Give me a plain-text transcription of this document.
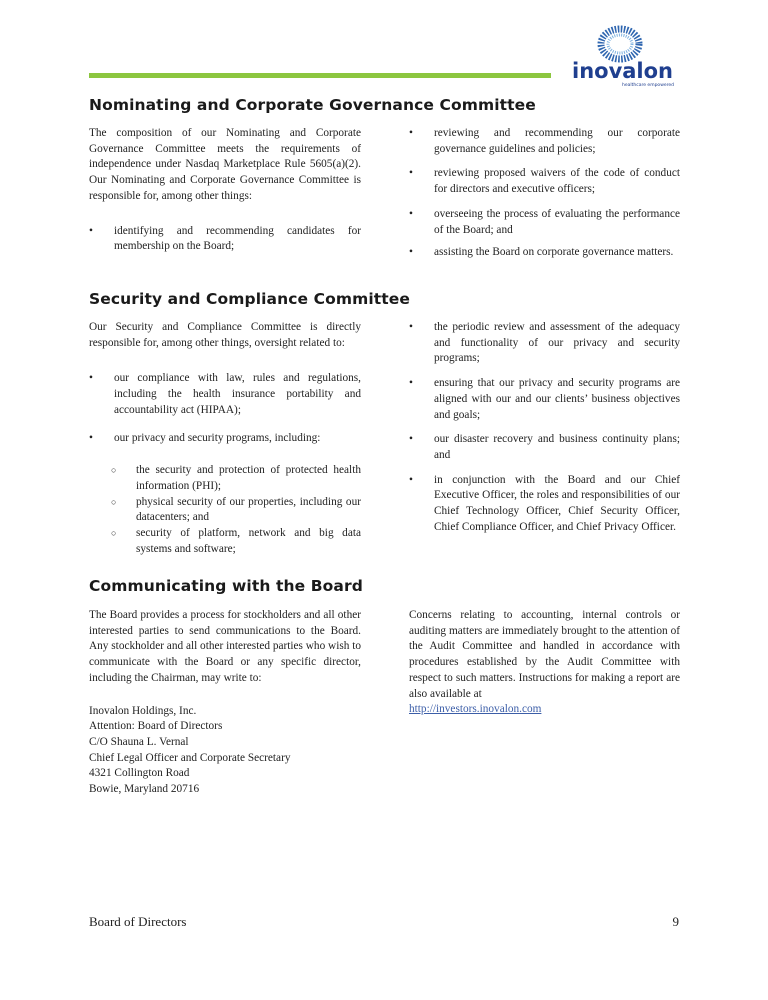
inovalon
healthcare empowered
Nominating and Corporate Governance Committee

The composition of our Nominating and Corporate Governance Committee meets the requirements of independence under Nasdaq Marketplace Rule 5605(a)(2). Our Nominating and Corporate Governance Committee is responsible for, among other things:

• identifying and recommending candidates for membership on the Board;
• reviewing and recommending our corporate governance guidelines and policies;
• reviewing proposed waivers of the code of conduct for directors and executive officers;
• overseeing the process of evaluating the performance of the Board; and
• assisting the Board on corporate governance matters.
Security and Compliance Committee

Our Security and Compliance Committee is directly responsible for, among other things, oversight related to:

• our compliance with law, rules and regulations, including the health insurance portability and accountability act (HIPAA);
• our privacy and security programs, including:
○ the security and protection of protected health information (PHI);
○ physical security of our properties, including our datacenters; and
○ security of platform, network and big data systems and software;
• the periodic review and assessment of the adequacy and functionality of our privacy and security programs;
• ensuring that our privacy and security programs are aligned with our and our clients’ business objectives and goals;
• our disaster recovery and business continuity plans; and
• in conjunction with the Board and our Chief Executive Officer, the roles and responsibilities of our Chief Technology Officer, Chief Security Officer, Chief Compliance Officer, and Chief Privacy Officer.
Communicating with the Board

The Board provides a process for stockholders and all other interested parties to send communications to the Board. Any stockholder and all other interested parties who wish to communicate with the Board or any specific director, including the Chairman, may write to:

Inovalon Holdings, Inc.

Attention: Board of Directors

C/O Shauna L. Vernal

Chief Legal Officer and Corporate Secretary

4321 Collington Road

Bowie, Maryland 20716

Concerns relating to accounting, internal controls or auditing matters are immediately brought to the attention of the Audit Committee and handled in accordance with procedures established by the Audit Committee with respect to such matters. Instructions for making a report are also available at
http://investors.inovalon.com

Board of Directors	9
